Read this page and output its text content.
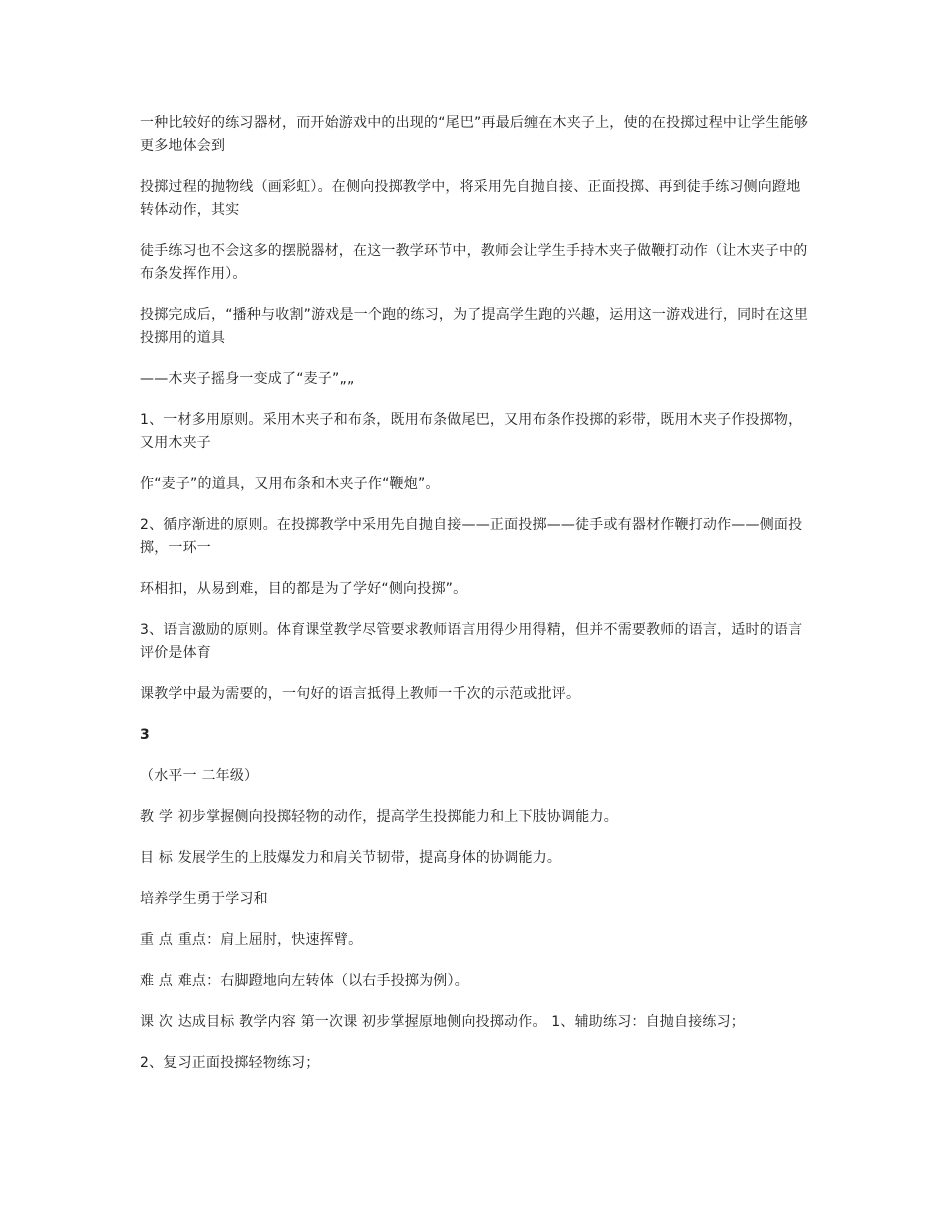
一种比较好的练习器材，而开始游戏中的出现的“尾巴”再最后缠在木夹子上，使的在投掷过程中让学生能够更多地体会到

投掷过程的抛物线（画彩虹）。在侧向投掷教学中，将采用先自抛自接、正面投掷、再到徒手练习侧向蹬地转体动作，其实

徒手练习也不会这多的摆脱器材，在这一教学环节中，教师会让学生手持木夹子做鞭打动作（让木夹子中的布条发挥作用）。

投掷完成后，“播种与收割”游戏是一个跑的练习，为了提高学生跑的兴趣，运用这一游戏进行，同时在这里投掷用的道具

——木夹子摇身一变成了“麦子”„„

1、一材多用原则。采用木夹子和布条，既用布条做尾巴，又用布条作投掷的彩带，既用木夹子作投掷物，又用木夹子

作“麦子”的道具，又用布条和木夹子作“鞭炮”。

2、循序渐进的原则。在投掷教学中采用先自抛自接——正面投掷——徒手或有器材作鞭打动作——侧面投掷，一环一

环相扣，从易到难，目的都是为了学好“侧向投掷”。

3、语言激励的原则。体育课堂教学尽管要求教师语言用得少用得精，但并不需要教师的语言，适时的语言评价是体育

课教学中最为需要的，一句好的语言抵得上教师一千次的示范或批评。

3

（水平一 二年级）

教 学 初步掌握侧向投掷轻物的动作，提高学生投掷能力和上下肢协调能力。

目 标 发展学生的上肢爆发力和肩关节韧带，提高身体的协调能力。

培养学生勇于学习和

重 点 重点：肩上屈肘，快速挥臂。

难 点 难点：右脚蹬地向左转体（以右手投掷为例）。

课 次 达成目标 教学内容 第一次课 初步掌握原地侧向投掷动作。 1、辅助练习：自抛自接练习；

2、复习正面投掷轻物练习；
